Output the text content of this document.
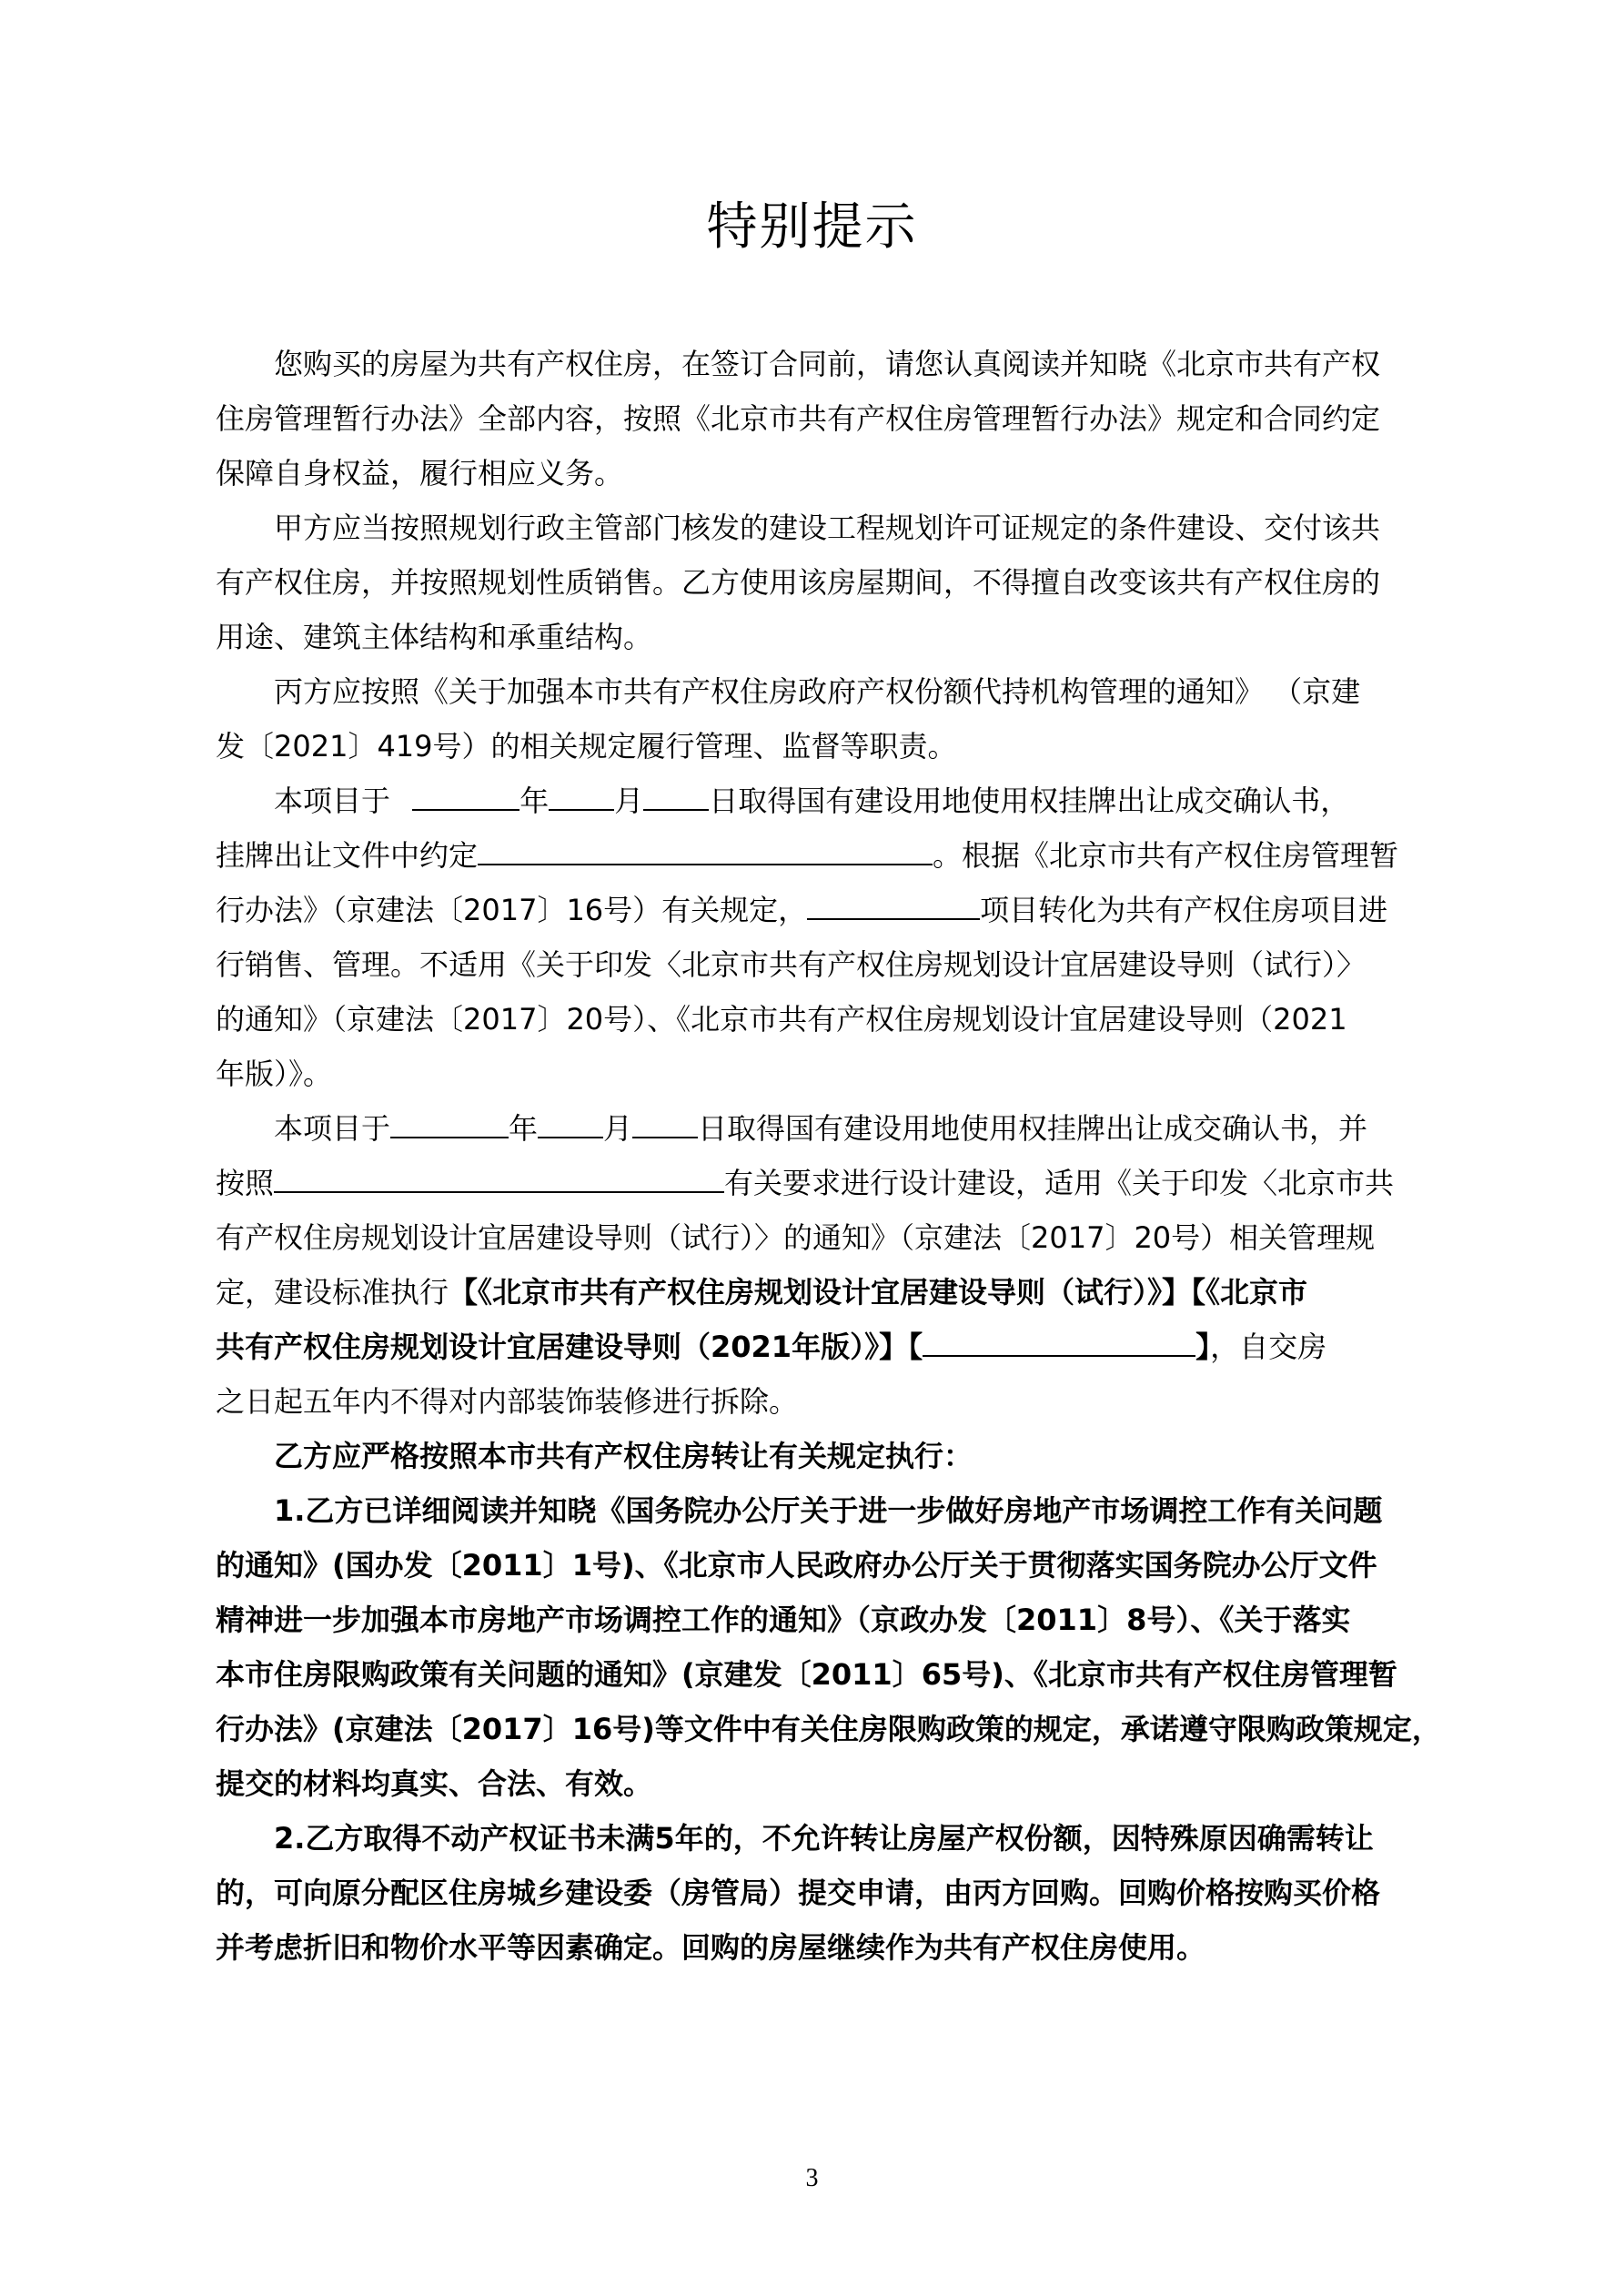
特别提示
您购买的房屋为共有产权住房，在签订合同前，请您认真阅读并知晓《北京市共有产权
住房管理暂行办法》全部内容，按照《北京市共有产权住房管理暂行办法》规定和合同约定
保障自身权益，履行相应义务。
甲方应当按照规划行政主管部门核发的建设工程规划许可证规定的条件建设、交付该共
有产权住房，并按照规划性质销售。乙方使用该房屋期间，不得擅自改变该共有产权住房的
用途、建筑主体结构和承重结构。
丙方应按照《关于加强本市共有产权住房政府产权份额代持机构管理的通知》 （京建
发〔2021〕419号）的相关规定履行管理、监督等职责。
本项目于	年 月 日取得国有建设用地使用权挂牌出让成交确认书，
挂牌出让文件中约定	。根据《北京市共有产权住房管理暂
行办法》（京建法〔2017〕16号）有关规定，	项目转化为共有产权住房项目进
行销售、管理。不适用《关于印发〈北京市共有产权住房规划设计宜居建设导则（试行）〉
的通知》（京建法〔2017〕20号）、《北京市共有产权住房规划设计宜居建设导则（2021
年版）》。
本项目于	年 月 日取得国有建设用地使用权挂牌出让成交确认书，并
按照	有关要求进行设计建设，适用《关于印发〈北京市共
有产权住房规划设计宜居建设导则（试行）〉的通知》（京建法〔2017〕20号）相关管理规
定，建设标准执行【《北京市共有产权住房规划设计宜居建设导则（试行）》】【《北京市
共有产权住房规划设计宜居建设导则（2021年版）》】【	】，自交房
之日起五年内不得对内部装饰装修进行拆除。
乙方应严格按照本市共有产权住房转让有关规定执行：
1.乙方已详细阅读并知晓《国务院办公厅关于进一步做好房地产市场调控工作有关问题
的通知》(国办发〔2011〕1号)、《北京市人民政府办公厅关于贯彻落实国务院办公厅文件
精神进一步加强本市房地产市场调控工作的通知》（京政办发〔2011〕8号）、《关于落实
本市住房限购政策有关问题的通知》(京建发〔2011〕65号)、《北京市共有产权住房管理暂
行办法》(京建法〔2017〕16号)等文件中有关住房限购政策的规定，承诺遵守限购政策规定，
提交的材料均真实、合法、有效。
2.乙方取得不动产权证书未满5年的，不允许转让房屋产权份额，因特殊原因确需转让
的，可向原分配区住房城乡建设委（房管局）提交申请，由丙方回购。回购价格按购买价格
并考虑折旧和物价水平等因素确定。回购的房屋继续作为共有产权住房使用。
3
